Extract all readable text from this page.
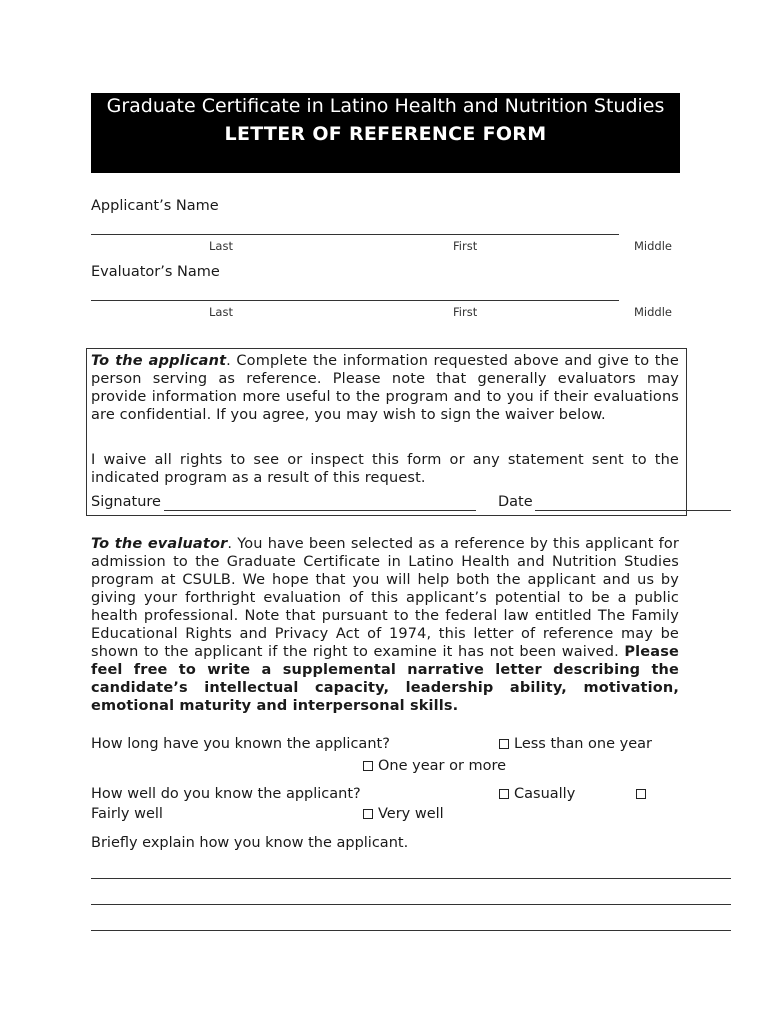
Graduate Certificate in Latino Health and Nutrition Studies
LETTER OF REFERENCE FORM
Applicant’s Name
Last	First	Middle
Evaluator’s Name
Last	First	Middle
To the applicant. Complete the information requested above and give to the person serving as reference. Please note that generally evaluators may provide information more useful to the program and to you if their evaluations are confidential. If you agree, you may wish to sign the waiver below.
I waive all rights to see or inspect this form or any statement sent to the indicated program as a result of this request.
Signature	Date
To the evaluator. You have been selected as a reference by this applicant for admission to the Graduate Certificate in Latino Health and Nutrition Studies program at CSULB. We hope that you will help both the applicant and us by giving your forthright evaluation of this applicant’s potential to be a public health professional. Note that pursuant to the federal law entitled The Family Educational Rights and Privacy Act of 1974, this letter of reference may be shown to the applicant if the right to examine it has not been waived. Please feel free to write a supplemental narrative letter describing the candidate’s intellectual capacity, leadership ability, motivation, emotional maturity and interpersonal skills.
How long have you known the applicant?	Less than one year
One year or more
How well do you know the applicant?	Casually
Fairly well	Very well
Briefly explain how you know the applicant.
